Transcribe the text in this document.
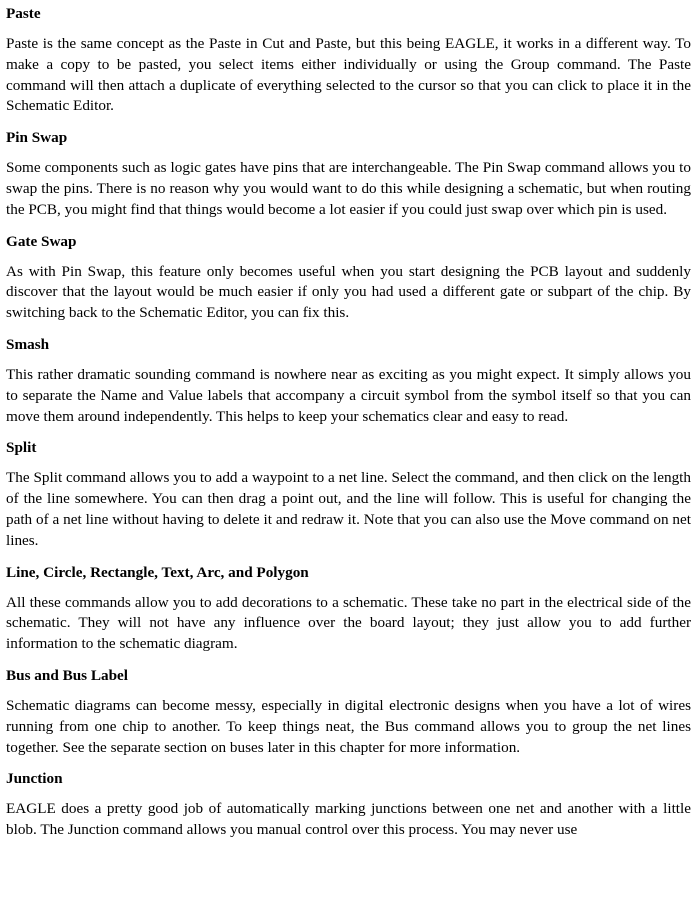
Paste

Paste is the same concept as the Paste in Cut and Paste, but this being EAGLE, it works in a different way. To make a copy to be pasted, you select items either individually or using the Group command. The Paste command will then attach a duplicate of everything selected to the cursor so that you can click to place it in the Schematic Editor.

Pin Swap

Some components such as logic gates have pins that are interchangeable. The Pin Swap command allows you to swap the pins. There is no reason why you would want to do this while designing a schematic, but when routing the PCB, you might find that things would become a lot easier if you could just swap over which pin is used.

Gate Swap

As with Pin Swap, this feature only becomes useful when you start designing the PCB layout and suddenly discover that the layout would be much easier if only you had used a different gate or subpart of the chip. By switching back to the Schematic Editor, you can fix this.

Smash

This rather dramatic sounding command is nowhere near as exciting as you might expect. It simply allows you to separate the Name and Value labels that accompany a circuit symbol from the symbol itself so that you can move them around independently. This helps to keep your schematics clear and easy to read.

Split

The Split command allows you to add a waypoint to a net line. Select the command, and then click on the length of the line somewhere. You can then drag a point out, and the line will follow. This is useful for changing the path of a net line without having to delete it and redraw it. Note that you can also use the Move command on net lines.

Line, Circle, Rectangle, Text, Arc, and Polygon

All these commands allow you to add decorations to a schematic. These take no part in the electrical side of the schematic. They will not have any influence over the board layout; they just allow you to add further information to the schematic diagram.

Bus and Bus Label

Schematic diagrams can become messy, especially in digital electronic designs when you have a lot of wires running from one chip to another. To keep things neat, the Bus command allows you to group the net lines together. See the separate section on buses later in this chapter for more information.

Junction

EAGLE does a pretty good job of automatically marking junctions between one net and another with a little blob. The Junction command allows you manual control over this process. You may never use
